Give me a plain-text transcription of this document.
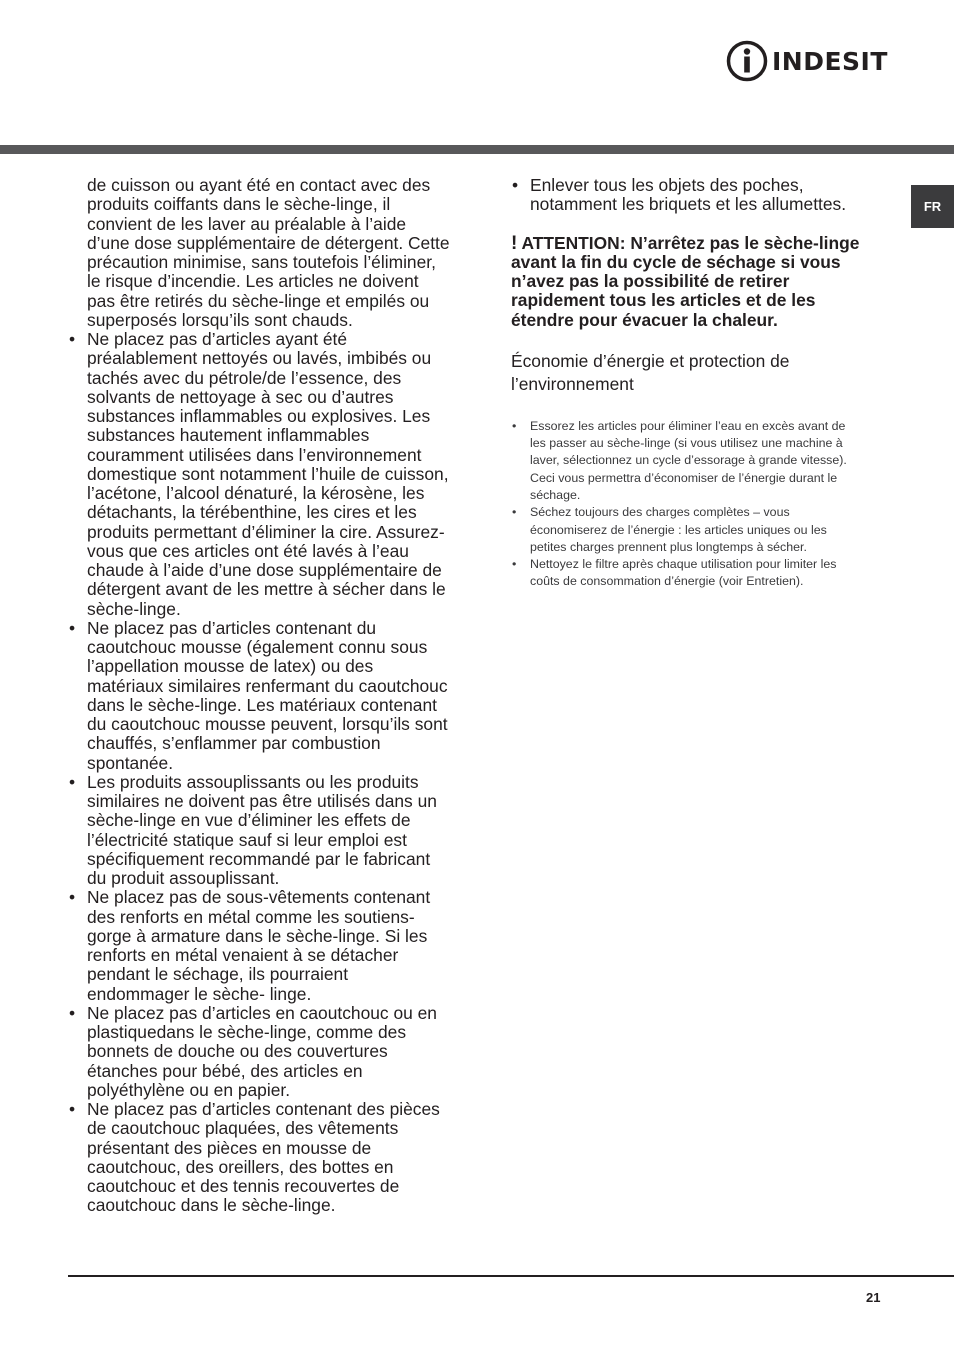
INDESIT
FR

de cuisson ou ayant été en contact avec des produits coiffants dans le sèche-linge, il convient de les laver au préalable à l’aide d’une dose supplémentaire de détergent. Cette précaution minimise, sans toutefois l’éliminer, le risque d’incendie. Les articles ne doivent pas être retirés du sèche-linge et empilés ou superposés lorsqu’ils sont chauds.

• Ne placez pas d’articles ayant été préalablement nettoyés ou lavés, imbibés ou tachés avec du pétrole/de l’essence, des solvants de nettoyage à sec ou d’autres substances inflammables ou explosives. Les substances hautement inflammables couramment utilisées dans l’environnement domestique sont notamment l’huile de cuisson, l’acétone, l’alcool dénaturé, la kérosène, les détachants, la térébenthine, les cires et les produits permettant d’éliminer la cire. Assurez-vous que ces articles ont été lavés à l’eau chaude à l’aide d’une dose supplémentaire de détergent avant de les mettre à sécher dans le sèche-linge.
• Ne placez pas d’articles contenant du caoutchouc mousse (également connu sous l’appellation mousse de latex) ou des matériaux similaires renfermant du caoutchouc dans le sèche-linge. Les matériaux contenant du caoutchouc mousse peuvent, lorsqu’ils sont chauffés, s’enflammer par combustion spontanée.
• Les produits assouplissants ou les produits similaires ne doivent pas être utilisés dans un sèche-linge en vue d’éliminer les effets de l’électricité statique sauf si leur emploi est spécifiquement recommandé par le fabricant du produit assouplissant.
• Ne placez pas de sous-vêtements contenant des renforts en métal comme les soutiens-gorge à armature dans le sèche-linge. Si les renforts en métal venaient à se détacher pendant le séchage, ils pourraient endommager le sèche- linge.
• Ne placez pas d’articles en caoutchouc ou en plastiquedans le sèche-linge, comme des bonnets de douche ou des couvertures étanches pour bébé, des articles en polyéthylène ou en papier.
• Ne placez pas d’articles contenant des pièces de caoutchouc plaquées, des vêtements présentant des pièces en mousse de caoutchouc, des oreillers, des bottes en caoutchouc et des tennis recouvertes de caoutchouc dans le sèche-linge.
• Enlever tous les objets des poches, notamment les briquets et les allumettes.

! ATTENTION: N’arrêtez pas le sèche-linge avant la fin du cycle de séchage si vous n’avez pas la possibilité de retirer rapidement tous les articles et de les étendre pour évacuer la chaleur.

Économie d’énergie et protection de l’environnement
• Essorez les articles pour éliminer l’eau en excès avant de
les passer au sèche-linge (si vous utilisez une machine à
laver, sélectionnez un cycle d’essorage à grande vitesse).
Ceci vous permettra d’économiser de l’énergie durant le
séchage.
• Séchez toujours des charges complètes – vous
économiserez de l’énergie : les articles uniques ou les
petites charges prennent plus longtemps à sécher.
• Nettoyez le filtre après chaque utilisation pour limiter les
coûts de consommation d’énergie (voir Entretien).
21
